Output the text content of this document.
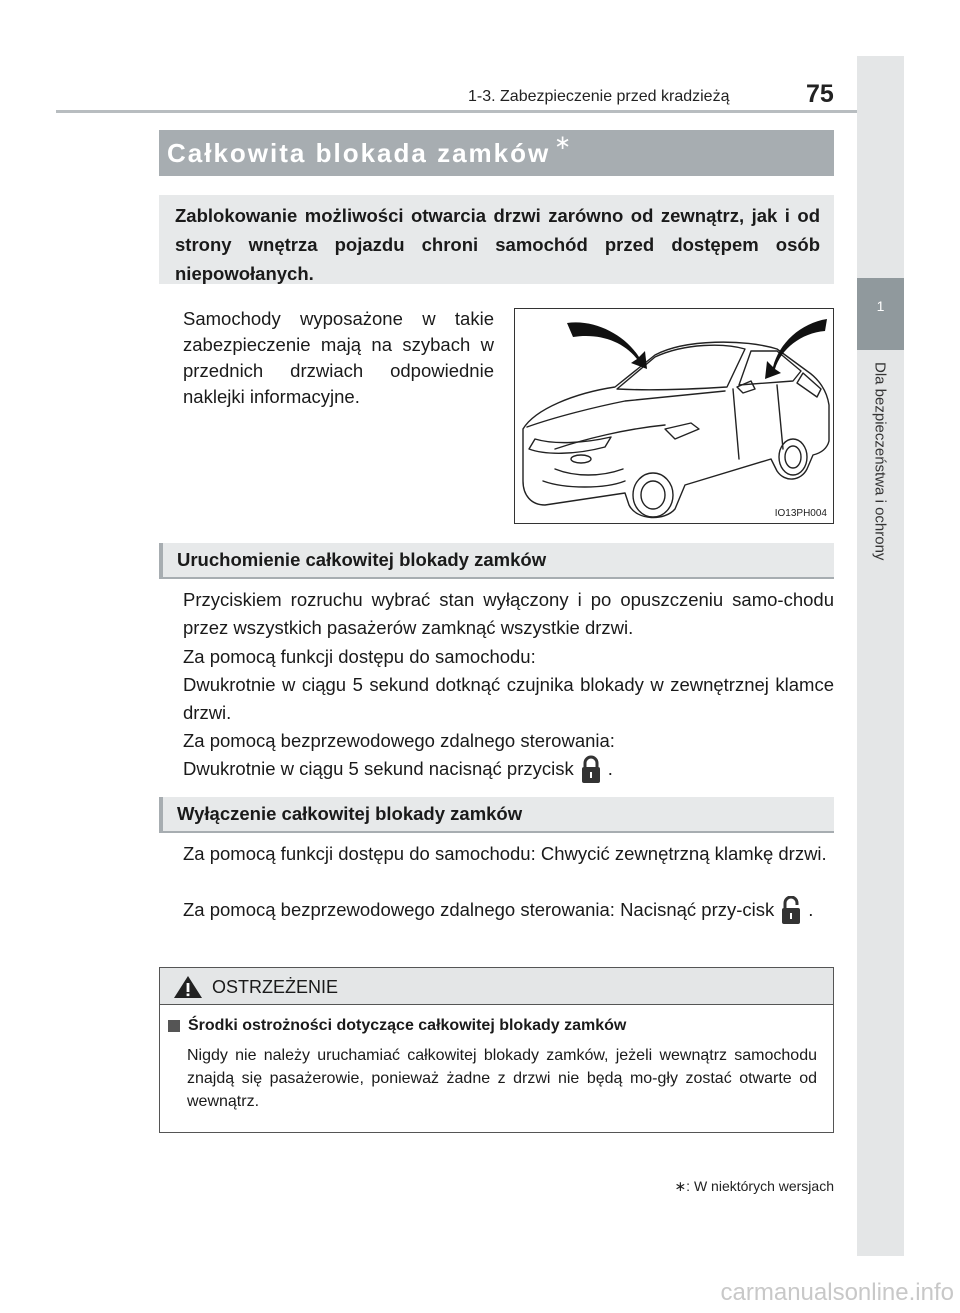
1-3. Zabezpieczenie przed kradzieżą	75
1
Dla bezpieczeństwa i ochrony
Całkowita blokada zamków ∗
Zablokowanie możliwości otwarcia drzwi zarówno od zewnątrz, jak i od strony wnętrza pojazdu chroni samochód przed dostępem osób niepowołanych.
Samochody wyposażone w takie zabezpieczenie mają na szybach w przednich drzwiach odpowiednie naklejki informacyjne.
IO13PH004
Uruchomienie całkowitej blokady zamków
Przyciskiem rozruchu wybrać stan wyłączony i po opuszczeniu samo-chodu przez wszystkich pasażerów zamknąć wszystkie drzwi.
Za pomocą funkcji dostępu do samochodu:
Dwukrotnie w ciągu 5 sekund dotknąć czujnika blokady w zewnętrznej klamce drzwi.
Za pomocą bezprzewodowego zdalnego sterowania:
Dwukrotnie w ciągu 5 sekund nacisnąć przycisk .
Wyłączenie całkowitej blokady zamków
Za pomocą funkcji dostępu do samochodu: Chwycić zewnętrzną klamkę drzwi.
Za pomocą bezprzewodowego zdalnego sterowania: Nacisnąć przy-cisk .
OSTRZEŻENIE
Środki ostrożności dotyczące całkowitej blokady zamków
Nigdy nie należy uruchamiać całkowitej blokady zamków, jeżeli wewnątrz samochodu znajdą się pasażerowie, ponieważ żadne z drzwi nie będą mo-gły zostać otwarte od wewnątrz.
∗: W niektórych wersjach
carmanualsonline.info
